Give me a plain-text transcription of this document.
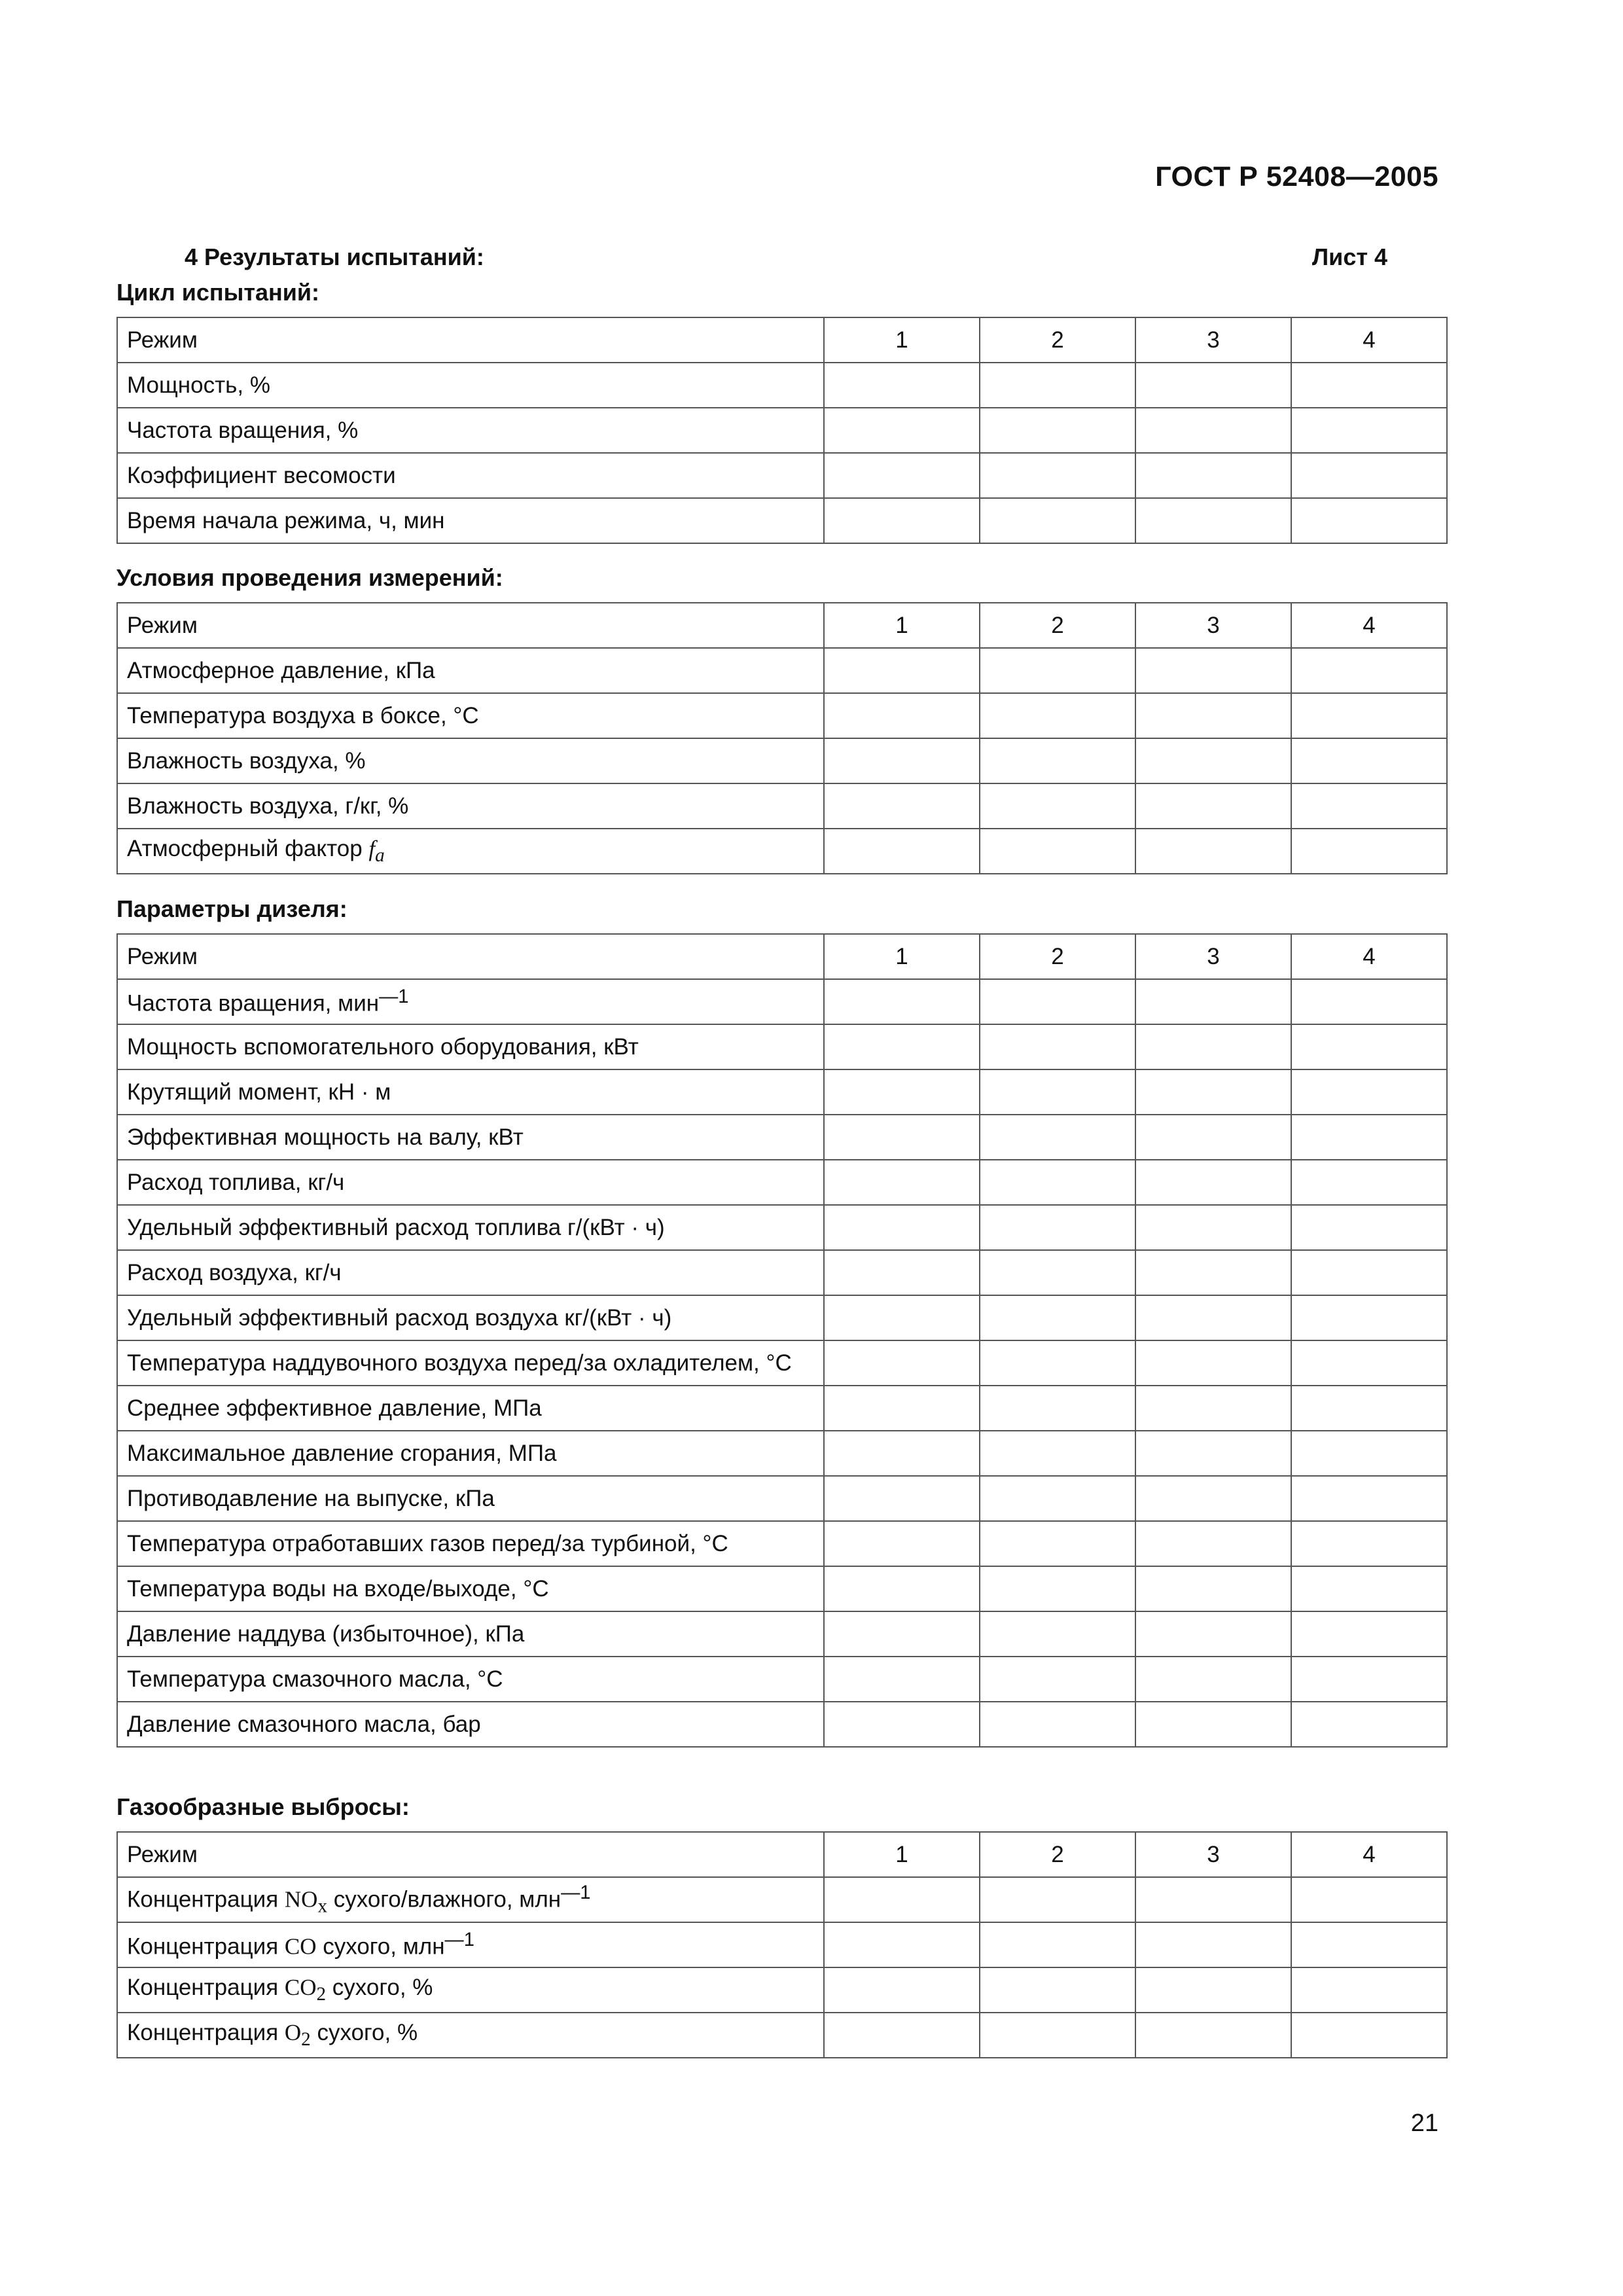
ГОСТ Р 52408—2005
4 Результаты испытаний:	Лист 4
Цикл испытаний:
Режим	1	2	3	4
Мощность, %				
Частота вращения, %				
Коэффициент весомости				
Время начала режима, ч, мин				
Условия проведения измерений:
Режим	1	2	3	4
Атмосферное давление, кПа				
Температура воздуха в боксе, °С				
Влажность воздуха, %				
Влажность воздуха, г/кг, %				
Атмосферный фактор $f_a$				
Параметры дизеля:
Режим	1	2	3	4
Частота вращения, мин$^{—1}$				
Мощность вспомогательного оборудования, кВт				
Крутящий момент, кН · м				
Эффективная мощность на валу, кВт				
Расход топлива, кг/ч				
Удельный эффективный расход топлива г/(кВт · ч)				
Расход воздуха, кг/ч				
Удельный эффективный расход воздуха кг/(кВт · ч)				
Температура наддувочного воздуха перед/за охладителем, °С				
Среднее эффективное давление, МПа				
Максимальное давление сгорания, МПа				
Противодавление на выпуске, кПа				
Температура отработавших газов перед/за турбиной, °С				
Температура воды на входе/выходе, °С				
Давление наддува (избыточное), кПа				
Температура смазочного масла, °С				
Давление смазочного масла, бар				
Газообразные выбросы:
Режим	1	2	3	4
Концентрация $NO_x$ сухого/влажного, млн$^{—1}$				
Концентрация CO сухого, млн$^{—1}$				
Концентрация $CO_2$ сухого, %				
Концентрация $O_2$ сухого, %				
21
